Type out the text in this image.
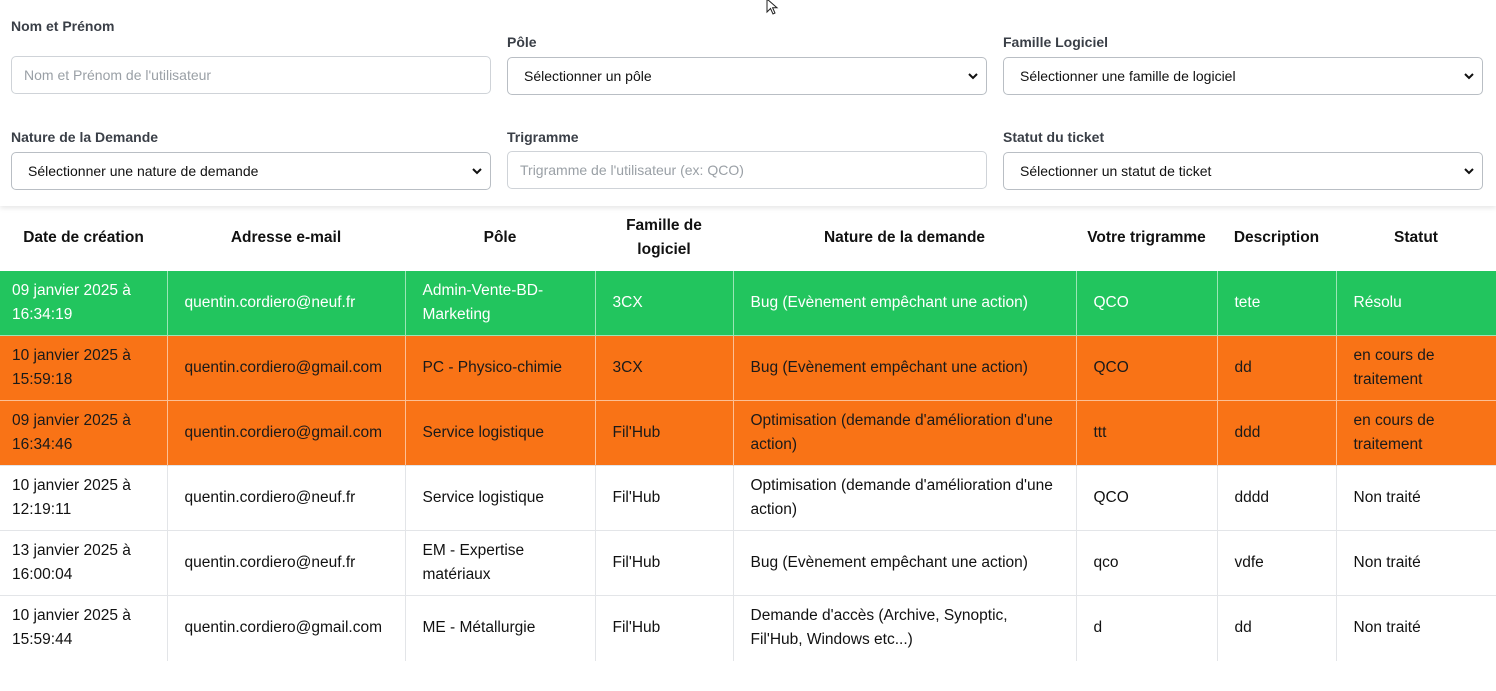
Nom et Prénom
Nom et Prénom de l'utilisateur
Pôle
Sélectionner un pôle
Famille Logiciel
Sélectionner une famille de logiciel
Nature de la Demande
Sélectionner une nature de demande
Trigramme
Trigramme de l'utilisateur (ex: QCO)
Statut du ticket
Sélectionner un statut de ticket
Date de création	Adresse e-mail	Pôle	Famille de logiciel	Nature de la demande	Votre trigramme	Description	Statut
09 janvier 2025 à 16:34:19	quentin.cordiero@neuf.fr	Admin-Vente-BD-Marketing	3CX	Bug (Evènement empêchant une action)	QCO	tete	Résolu
10 janvier 2025 à 15:59:18	quentin.cordiero@gmail.com	PC - Physico-chimie	3CX	Bug (Evènement empêchant une action)	QCO	dd	en cours de traitement
09 janvier 2025 à 16:34:46	quentin.cordiero@gmail.com	Service logistique	Fil'Hub	Optimisation (demande d'amélioration d'une action)	ttt	ddd	en cours de traitement
10 janvier 2025 à 12:19:11	quentin.cordiero@neuf.fr	Service logistique	Fil'Hub	Optimisation (demande d'amélioration d'une action)	QCO	dddd	Non traité
13 janvier 2025 à 16:00:04	quentin.cordiero@neuf.fr	EM - Expertise matériaux	Fil'Hub	Bug (Evènement empêchant une action)	qco	vdfe	Non traité
10 janvier 2025 à 15:59:44	quentin.cordiero@gmail.com	ME - Métallurgie	Fil'Hub	Demande d'accès (Archive, Synoptic, Fil'Hub, Windows etc...)	d	dd	Non traité
